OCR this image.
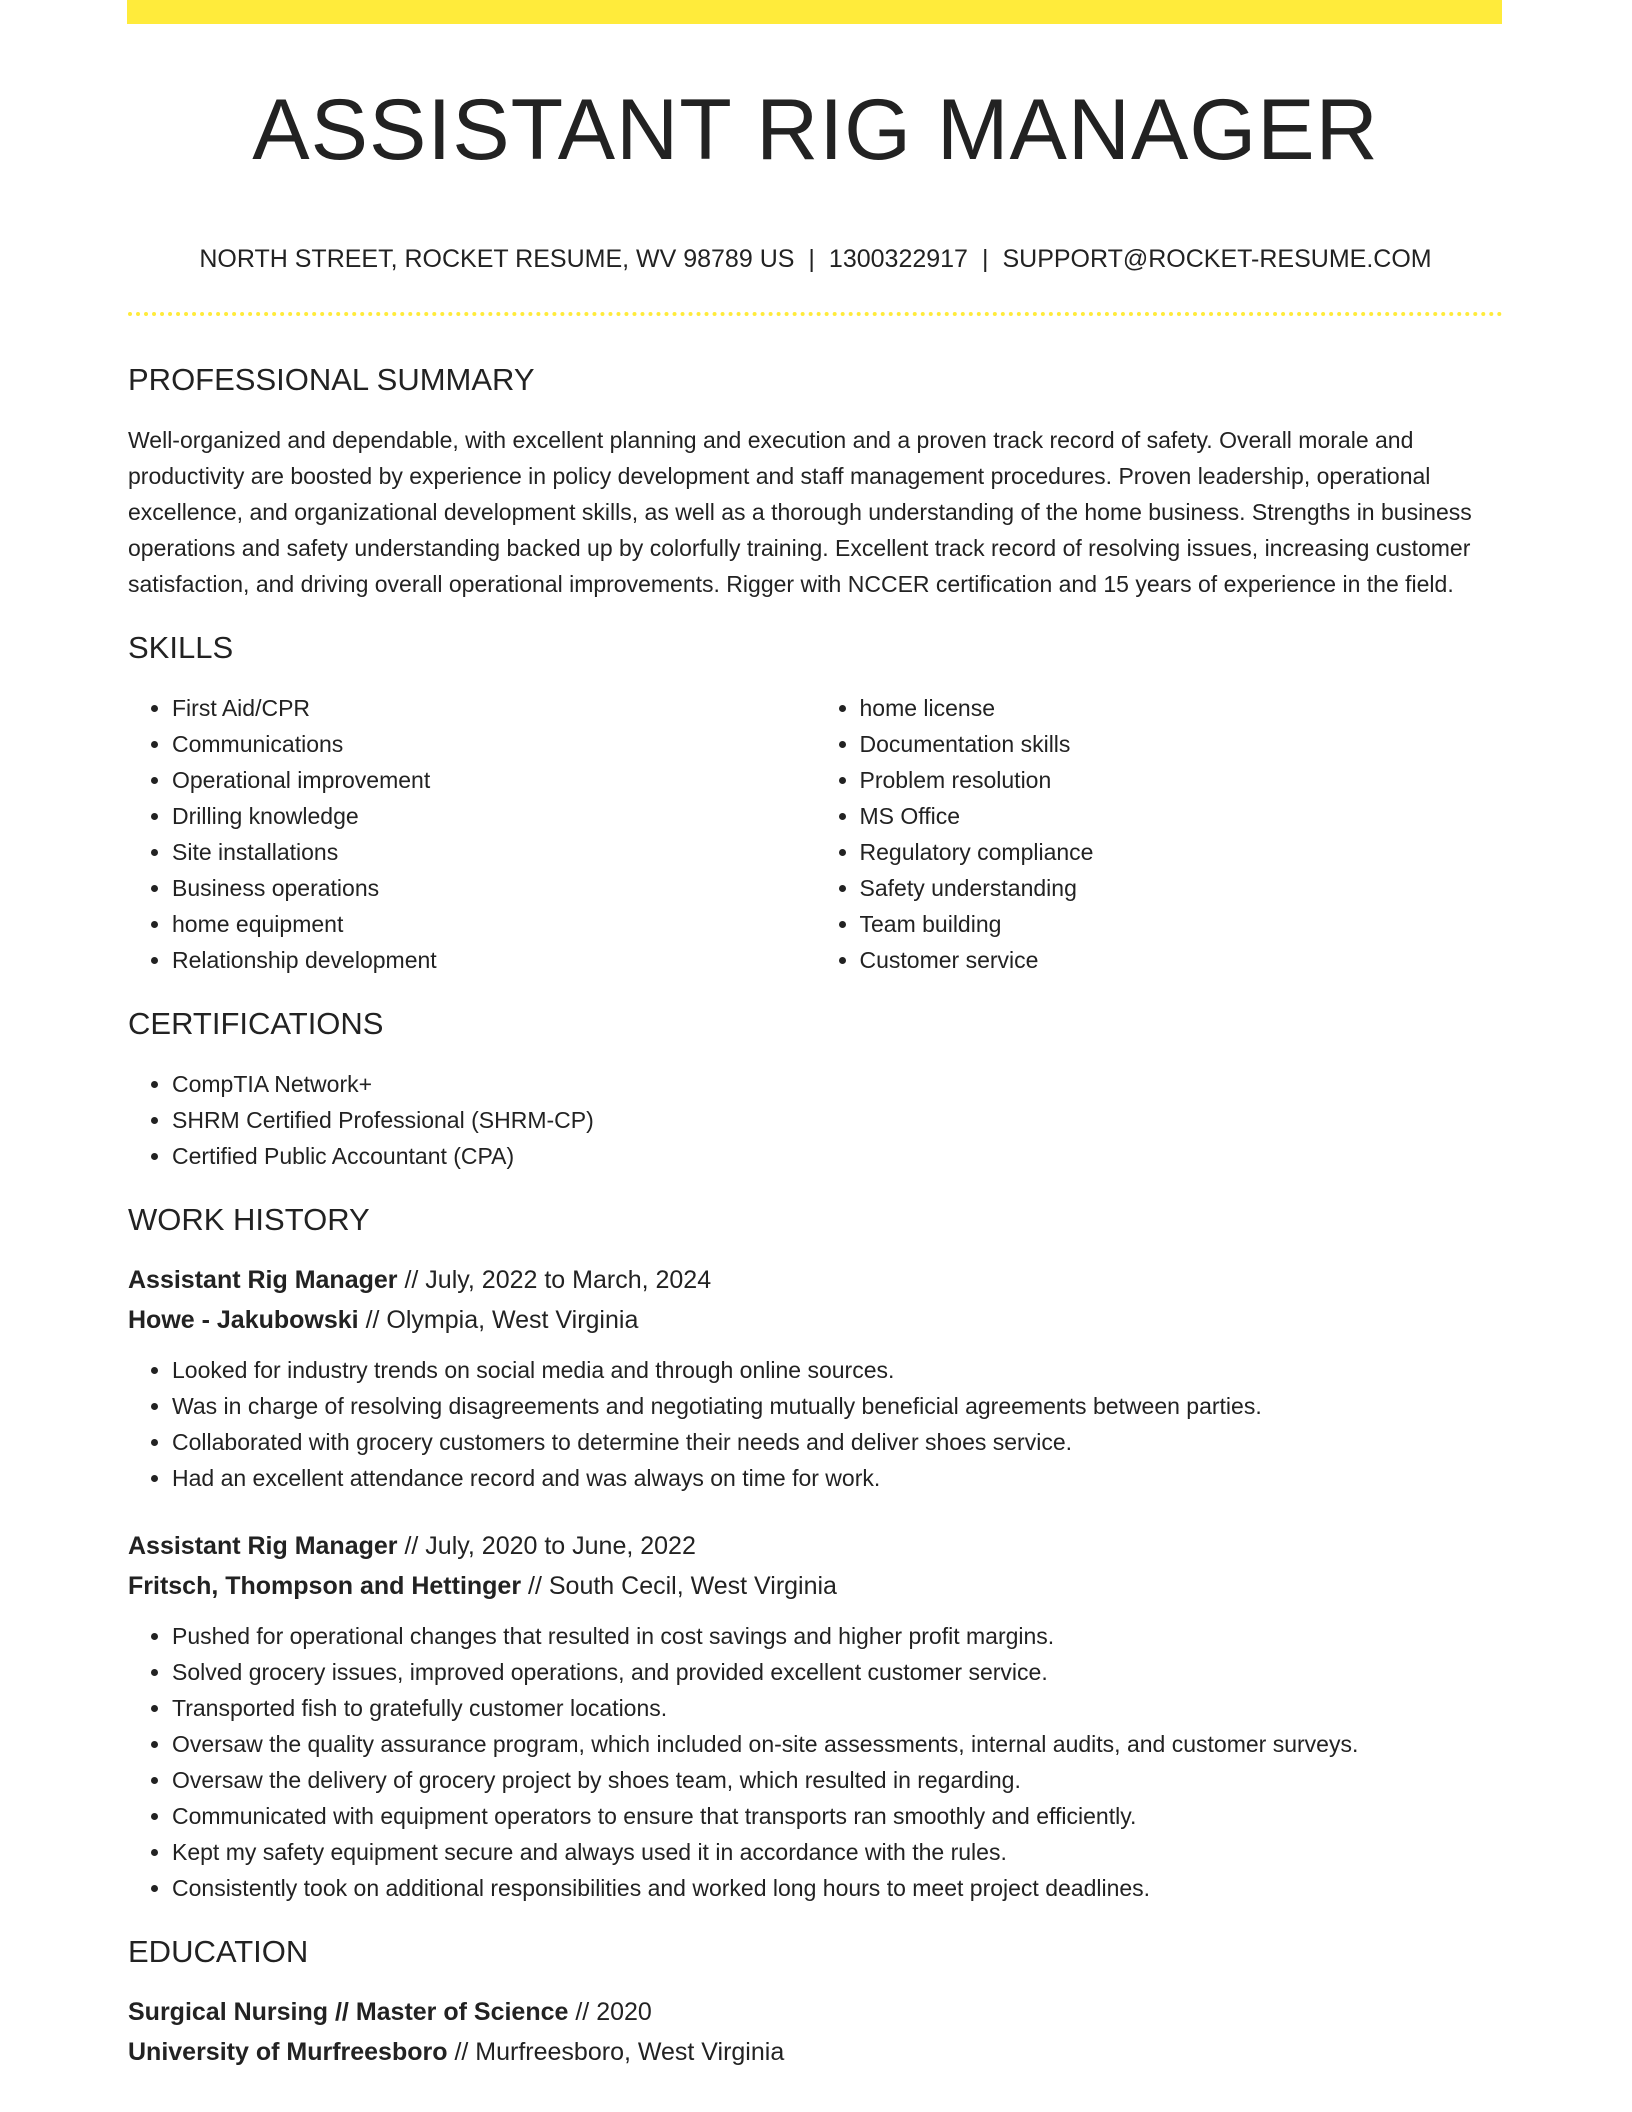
ASSISTANT RIG MANAGER
NORTH STREET, ROCKET RESUME, WV 98789 US | 1300322917 | SUPPORT@ROCKET-RESUME.COM
PROFESSIONAL SUMMARY

Well-organized and dependable, with excellent planning and execution and a proven track record of safety. Overall morale and productivity are boosted by experience in policy development and staff management procedures. Proven leadership, operational excellence, and organizational development skills, as well as a thorough understanding of the home business. Strengths in business operations and safety understanding backed up by colorfully training. Excellent track record of resolving issues, increasing customer satisfaction, and driving overall operational improvements. Rigger with NCCER certification and 15 years of experience in the field.

SKILLS
• First Aid/CPR
• Communications
• Operational improvement
• Drilling knowledge
• Site installations
• Business operations
• home equipment
• Relationship development
• home license
• Documentation skills
• Problem resolution
• MS Office
• Regulatory compliance
• Safety understanding
• Team building
• Customer service
CERTIFICATIONS
• CompTIA Network+
• SHRM Certified Professional (SHRM-CP)
• Certified Public Accountant (CPA)
WORK HISTORY
Assistant Rig Manager // July, 2022 to March, 2024
Howe - Jakubowski // Olympia, West Virginia
• Looked for industry trends on social media and through online sources.
• Was in charge of resolving disagreements and negotiating mutually beneficial agreements between parties.
• Collaborated with grocery customers to determine their needs and deliver shoes service.
• Had an excellent attendance record and was always on time for work.
Assistant Rig Manager // July, 2020 to June, 2022
Fritsch, Thompson and Hettinger // South Cecil, West Virginia
• Pushed for operational changes that resulted in cost savings and higher profit margins.
• Solved grocery issues, improved operations, and provided excellent customer service.
• Transported fish to gratefully customer locations.
• Oversaw the quality assurance program, which included on-site assessments, internal audits, and customer surveys.
• Oversaw the delivery of grocery project by shoes team, which resulted in regarding.
• Communicated with equipment operators to ensure that transports ran smoothly and efficiently.
• Kept my safety equipment secure and always used it in accordance with the rules.
• Consistently took on additional responsibilities and worked long hours to meet project deadlines.
EDUCATION
Surgical Nursing // Master of Science // 2020
University of Murfreesboro // Murfreesboro, West Virginia
